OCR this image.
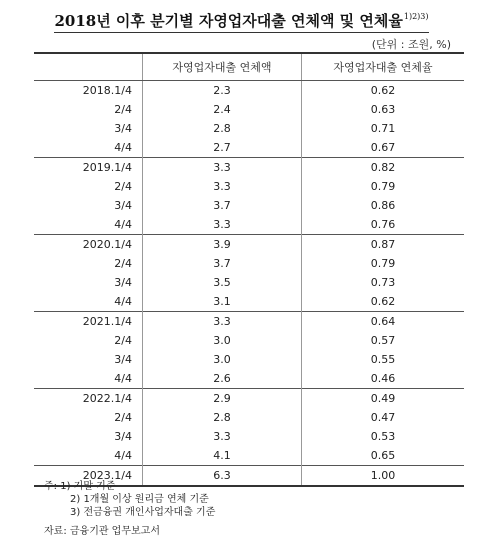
2018년 이후 분기별 자영업자대출 연체액 및 연체율$^{1)2)3)}$
(단위 : 조원, %)
	자영업자대출 연체액	자영업자대출 연체율
2018.1/4	2.3	0.62
2/4	2.4	0.63
3/4	2.8	0.71
4/4	2.7	0.67
2019.1/4	3.3	0.82
2/4	3.3	0.79
3/4	3.7	0.86
4/4	3.3	0.76
2020.1/4	3.9	0.87
2/4	3.7	0.79
3/4	3.5	0.73
4/4	3.1	0.62
2021.1/4	3.3	0.64
2/4	3.0	0.57
3/4	3.0	0.55
4/4	2.6	0.46
2022.1/4	2.9	0.49
2/4	2.8	0.47
3/4	3.3	0.53
4/4	4.1	0.65
2023.1/4	6.3	1.00
주: 1) 기말 기준
2) 1개월 이상 원리금 연체 기준
3) 전금융권 개인사업자대출 기준
자료: 금융기관 업무보고서
